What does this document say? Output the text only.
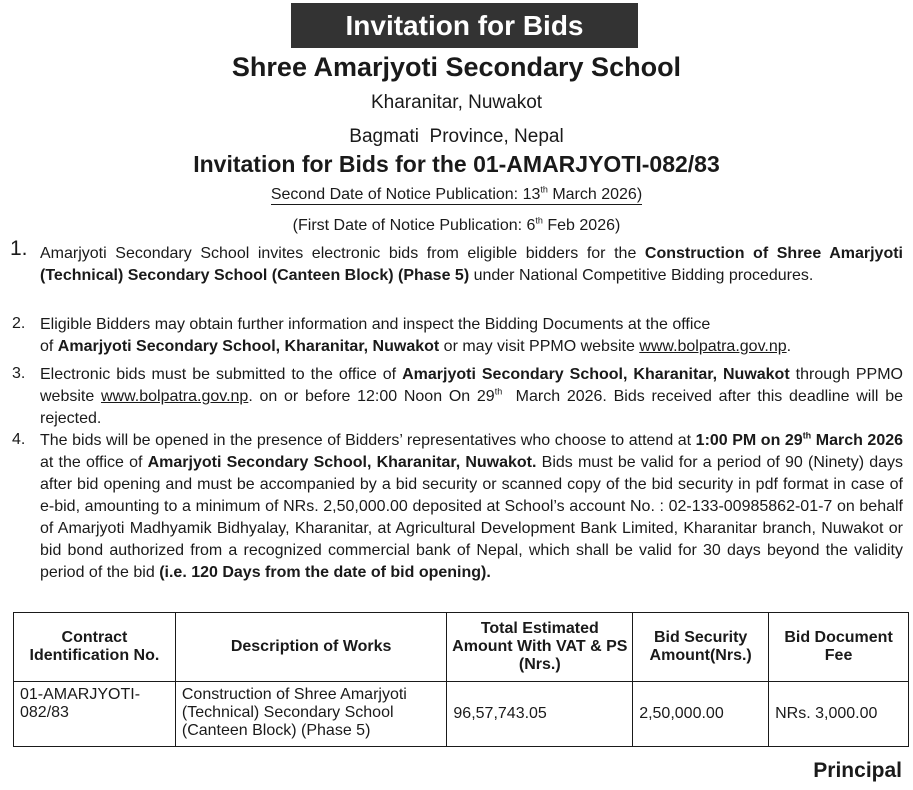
Invitation for Bids
Shree Amarjyoti Secondary School
Kharanitar, Nuwakot
Bagmati  Province, Nepal
Invitation for Bids for the 01-AMARJYOTI-082/83
Second Date of Notice Publication: 13th March 2026)
(First Date of Notice Publication: 6th Feb 2026)
1. Amarjyoti Secondary School invites electronic bids from eligible bidders for the Construction of Shree Amarjyoti (Technical) Secondary School (Canteen Block) (Phase 5) under National Competitive Bidding procedures.
2. Eligible Bidders may obtain further information and inspect the Bidding Documents at the office
of Amarjyoti Secondary School, Kharanitar, Nuwakot or may visit PPMO website www.bolpatra.gov.np.
3. Electronic bids must be submitted to the office of Amarjyoti Secondary School, Kharanitar, Nuwakot through PPMO website www.bolpatra.gov.np. on or before 12:00 Noon On 29th  March 2026. Bids received after this deadline will be rejected.
4. The bids will be opened in the presence of Bidders’ representatives who choose to attend at 1:00 PM on 29th March 2026 at the office of Amarjyoti Secondary School, Kharanitar, Nuwakot. Bids must be valid for a period of 90 (Ninety) days after bid opening and must be accompanied by a bid security or scanned copy of the bid security in pdf format in case of e-bid, amounting to a minimum of NRs. 2,50,000.00 deposited at School’s account No. : 02-133-00985862-01-7 on behalf of Amarjyoti Madhyamik Bidhyalay, Kharanitar, at Agricultural Development Bank Limited, Kharanitar branch, Nuwakot or bid bond authorized from a recognized commercial bank of Nepal, which shall be valid for 30 days beyond the validity period of the bid (i.e. 120 Days from the date of bid opening).
Contract Identification No.	Description of Works	Total Estimated Amount With VAT & PS (Nrs.)	Bid Security Amount(Nrs.)	Bid Document Fee
01-AMARJYOTI-082/83	Construction of Shree Amarjyoti (Technical) Secondary School (Canteen Block) (Phase 5)	96,57,743.05	2,50,000.00	NRs. 3,000.00
Principal
